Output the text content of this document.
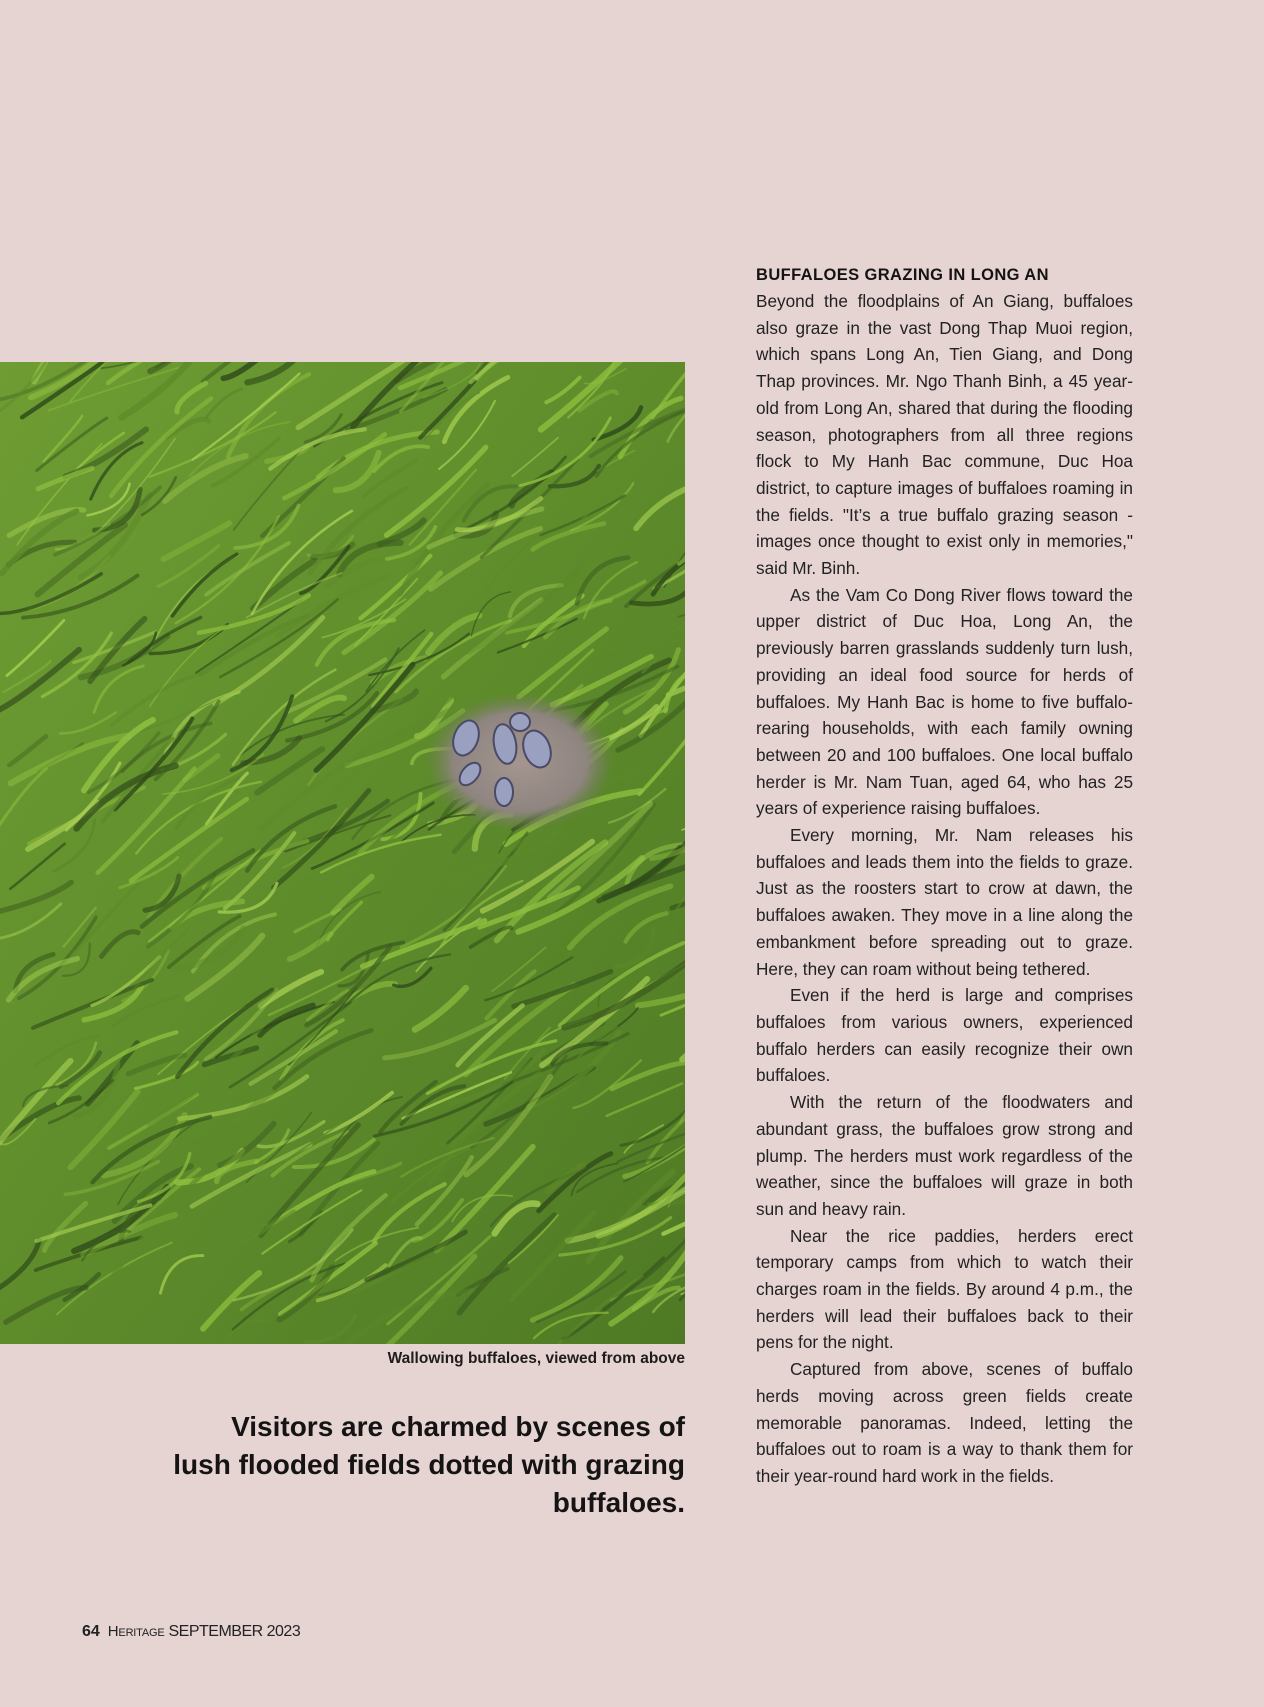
Wallowing buffaloes, viewed from above
Visitors are charmed by scenes of lush flooded fields dotted with grazing buffaloes.
BUFFALOES GRAZING IN LONG AN

Beyond the floodplains of An Giang, buffaloes also graze in the vast Dong Thap Muoi region, which spans Long An, Tien Giang, and Dong Thap provinces. Mr. Ngo Thanh Binh, a 45 year-old from Long An, shared that during the flooding season, photographers from all three regions flock to My Hanh Bac commune, Duc Hoa district, to capture images of buffaloes roaming in the fields. "It’s a true buffalo grazing season - images once thought to exist only in memories," said Mr. Binh.

As the Vam Co Dong River flows toward the upper district of Duc Hoa, Long An, the previously barren grasslands suddenly turn lush, providing an ideal food source for herds of buffaloes. My Hanh Bac is home to five buffalo-rearing households, with each family owning between 20 and 100 buffaloes. One local buffalo herder is Mr. Nam Tuan, aged 64, who has 25 years of experience raising buffaloes.

Every morning, Mr. Nam releases his buffaloes and leads them into the fields to graze. Just as the roosters start to crow at dawn, the buffaloes awaken. They move in a line along the embankment before spreading out to graze. Here, they can roam without being tethered.

Even if the herd is large and comprises buffaloes from various owners, experienced buffalo herders can easily recognize their own buffaloes.

With the return of the floodwaters and abundant grass, the buffaloes grow strong and plump. The herders must work regardless of the weather, since the buffaloes will graze in both sun and heavy rain.

Near the rice paddies, herders erect temporary camps from which to watch their charges roam in the fields. By around 4 p.m., the herders will lead their buffaloes back to their pens for the night.

Captured from above, scenes of buffalo herds moving across green fields create memorable panoramas. Indeed, letting the buffaloes out to roam is a way to thank them for their year-round hard work in the fields.

64 Heritage SEPTEMBER 2023
